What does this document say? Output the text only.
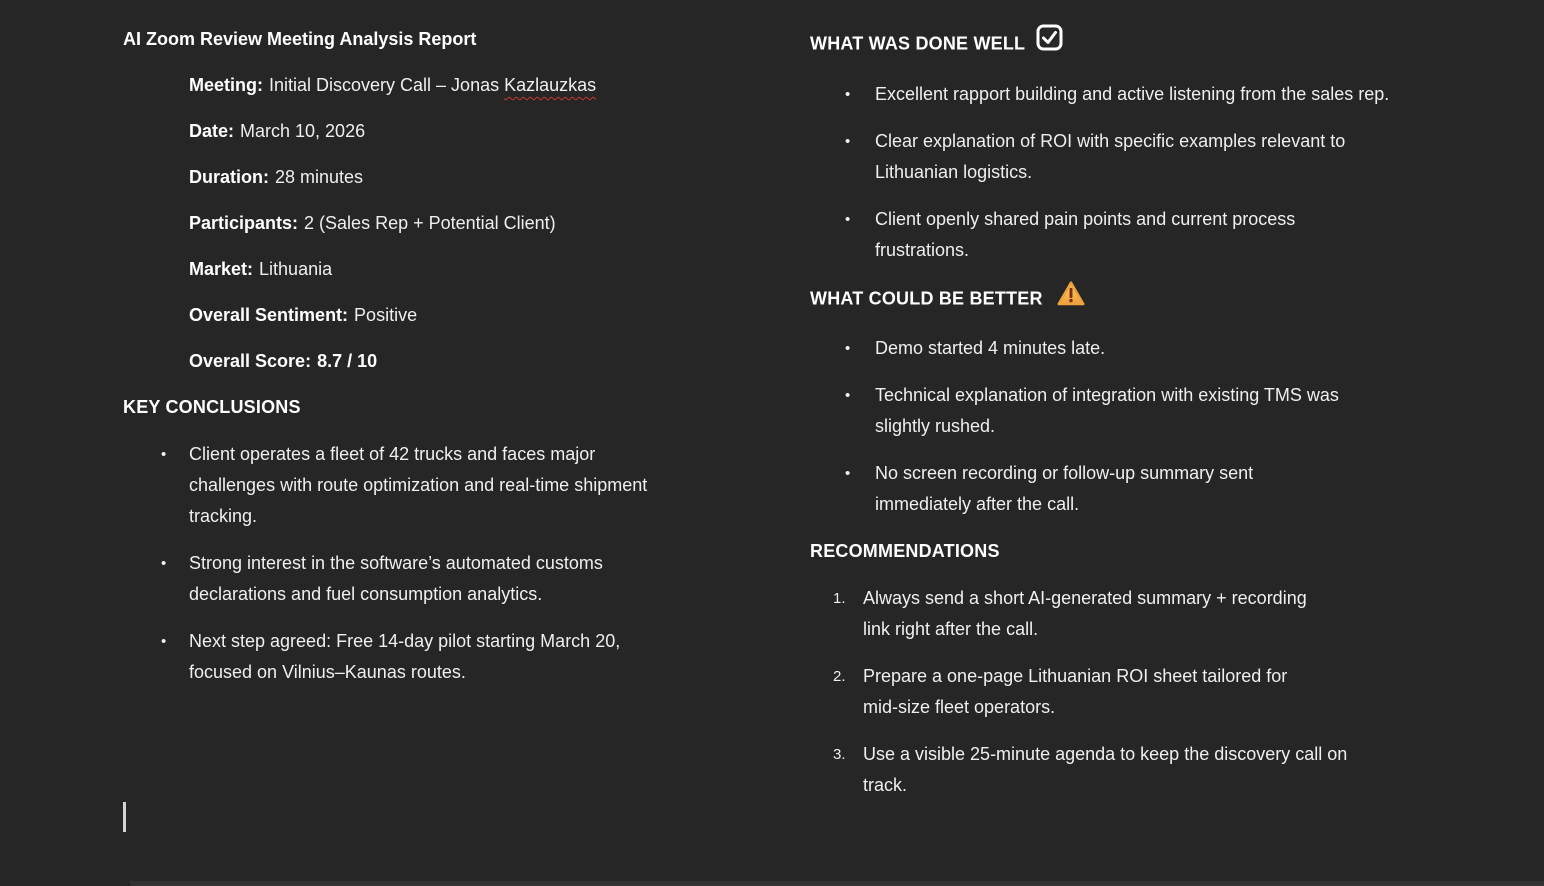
AI Zoom Review Meeting Analysis Report
Meeting: Initial Discovery Call – Jonas Kazlauzkas
Date: March 10, 2026
Duration: 28 minutes
Participants: 2 (Sales Rep + Potential Client)
Market: Lithuania
Overall Sentiment: Positive
Overall Score: 8.7 / 10
KEY CONCLUSIONS
•	Client operates a fleet of 42 trucks and faces major challenges with route optimization and real-time shipment tracking.
•	Strong interest in the software’s automated customs declarations and fuel consumption analytics.
•	Next step agreed: Free 14-day pilot starting March 20, focused on Vilnius–Kaunas routes.
WHAT WAS DONE WELL
•	Excellent rapport building and active listening from the sales rep.
•	Clear explanation of ROI with specific examples relevant to Lithuanian logistics.
•	Client openly shared pain points and current process frustrations.
WHAT COULD BE BETTER
•	Demo started 4 minutes late.
•	Technical explanation of integration with existing TMS was slightly rushed.
•	No screen recording or follow-up summary sent immediately after the call.
RECOMMENDATIONS
1. Always send a short AI-generated summary + recording link right after the call.
2. Prepare a one-page Lithuanian ROI sheet tailored for mid-size fleet operators.
3. Use a visible 25-minute agenda to keep the discovery call on track.
